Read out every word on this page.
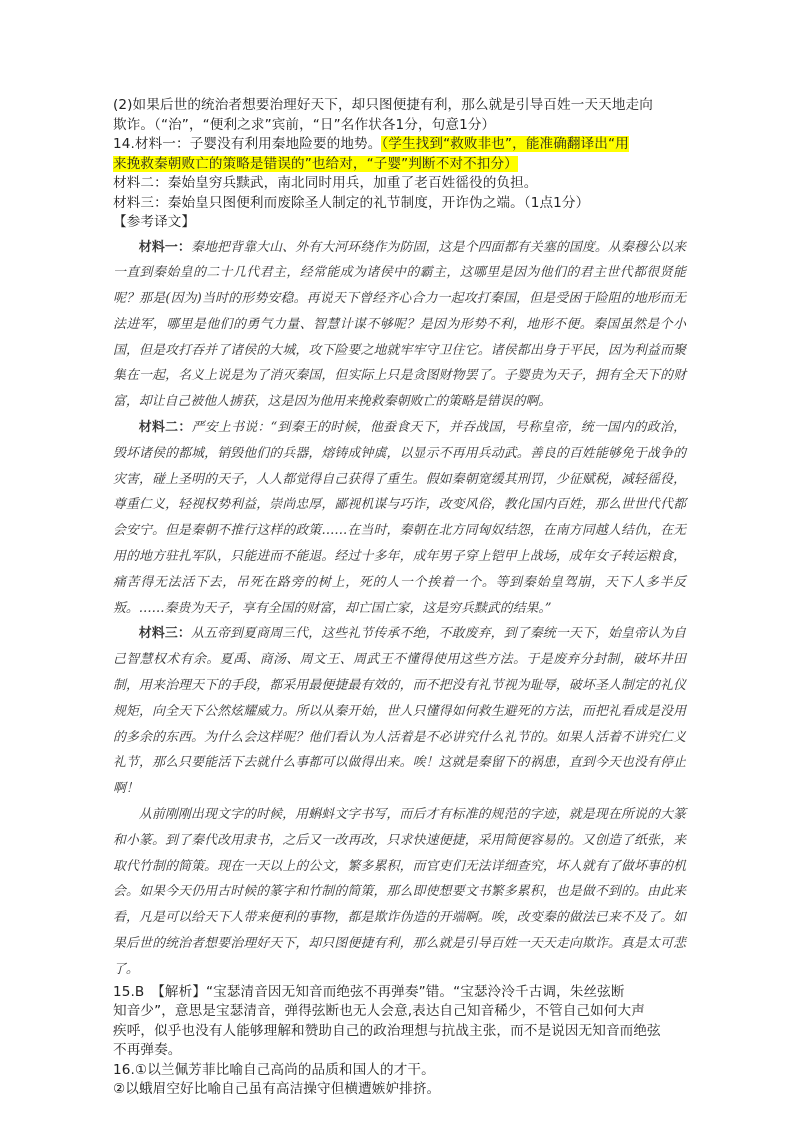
(2)如果后世的统治者想要治理好天下，却只图便捷有利，那么就是引导百姓一天天地走向
欺诈。（“治”，“便利之求”宾前，“日”名作状各1分，句意1分）
14.材料一：子婴没有利用秦地险要的地势。（学生找到“救败非也”，能准确翻译出“用
来挽救秦朝败亡的策略是错误的”也给对，“子婴”判断不对不扣分）
材料二：秦始皇穷兵黩武，南北同时用兵，加重了老百姓徭役的负担。
材料三：秦始皇只图便利而废除圣人制定的礼节制度，开诈伪之端。（1点1分）
【参考译文】

材料一：秦地把背靠大山、外有大河环绕作为防固，这是个四面都有关塞的国度。从秦穆公以来一直到秦始皇的二十几代君主，经常能成为诸侯中的霸主，这哪里是因为他们的君主世代都很贤能呢？那是(因为)当时的形势安稳。再说天下曾经齐心合力一起攻打秦国，但是受困于险阻的地形而无法进军，哪里是他们的勇气力量、智慧计谋不够呢？是因为形势不利，地形不便。秦国虽然是个小国，但是攻打吞并了诸侯的大城，攻下险要之地就牢牢守卫住它。诸侯都出身于平民，因为利益而聚集在一起，名义上说是为了消灭秦国，但实际上只是贪图财物罢了。子婴贵为天子，拥有全天下的财富，却让自己被他人掳获，这是因为他用来挽救秦朝败亡的策略是错误的啊。

材料二：严安上书说：“到秦王的时候，他蚕食天下，并吞战国，号称皇帝，统一国内的政治，毁坏诸侯的都城，销毁他们的兵器，熔铸成钟虡，以显示不再用兵动武。善良的百姓能够免于战争的灾害，碰上圣明的天子，人人都觉得自己获得了重生。假如秦朝宽缓其刑罚，少征赋税，减轻徭役，尊重仁义，轻视权势利益，崇尚忠厚，鄙视机谋与巧诈，改变风俗，教化国内百姓，那么世世代代都会安宁。但是秦朝不推行这样的政策……在当时，秦朝在北方同匈奴结怨，在南方同越人结仇，在无用的地方驻扎军队，只能进而不能退。经过十多年，成年男子穿上铠甲上战场，成年女子转运粮食，痛苦得无法活下去，吊死在路旁的树上，死的人一个挨着一个。等到秦始皇驾崩，天下人多半反叛。……秦贵为天子，享有全国的财富，却亡国亡家，这是穷兵黩武的结果。”

材料三：从五帝到夏商周三代，这些礼节传承不绝，不敢废弃，到了秦统一天下，始皇帝认为自己智慧权术有余。夏禹、商汤、周文王、周武王不懂得使用这些方法。于是废弃分封制，破坏井田制，用来治理天下的手段，都采用最便捷最有效的，而不把没有礼节视为耻辱，破坏圣人制定的礼仪规矩，向全天下公然炫耀威力。所以从秦开始，世人只懂得如何救生避死的方法，而把礼看成是没用的多余的东西。为什么会这样呢？他们看认为人活着是不必讲究什么礼节的。如果人活着不讲究仁义礼节，那么只要能活下去就什么事都可以做得出来。唉！这就是秦留下的祸患，直到今天也没有停止啊！

从前刚刚出现文字的时候，用蝌蚪文字书写，而后才有标准的规范的字迹，就是现在所说的大篆和小篆。到了秦代改用隶书，之后又一改再改，只求快速便捷，采用简便容易的。又创造了纸张，来取代竹制的简策。现在一天以上的公文，繁多累积，而官吏们无法详细查究，坏人就有了做坏事的机会。如果今天仍用古时候的篆字和竹制的简策，那么即使想要文书繁多累积，也是做不到的。由此来看，凡是可以给天下人带来便利的事物，都是欺诈伪造的开端啊。唉，改变秦的做法已来不及了。如果后世的统治者想要治理好天下，却只图便捷有利，那么就是引导百姓一天天走向欺诈。真是太可悲了。

15.B　【解析】“宝瑟清音因无知音而绝弦不再弹奏”错。“宝瑟泠泠千古调，朱丝弦断
知音少”，意思是宝瑟清音，弹得弦断也无人会意,表达自己知音稀少，不管自己如何大声
疾呼，似乎也没有人能够理解和赞助自己的政治理想与抗战主张，而不是说因无知音而绝弦
不再弹奏。
16.①以兰佩芳菲比喻自己高尚的品质和国人的才干。
②以蛾眉空好比喻自己虽有高洁操守但横遭嫉妒排挤。
